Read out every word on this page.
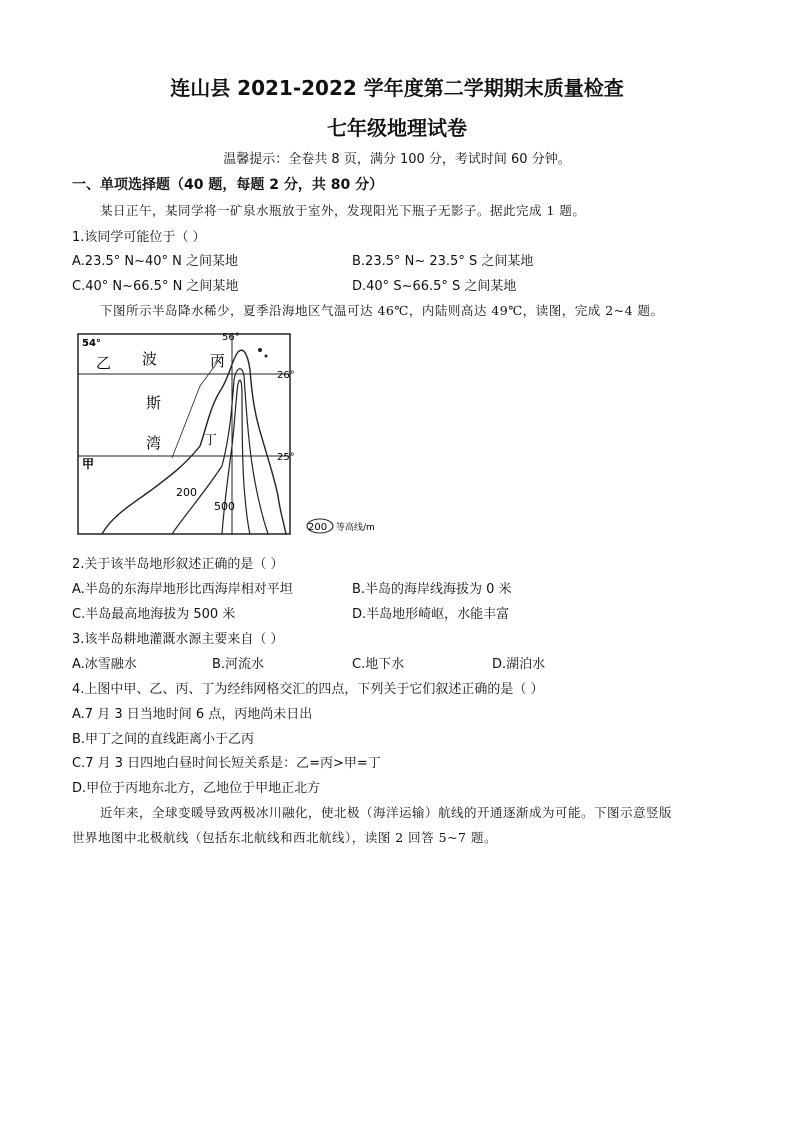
连山县 2021-2022 学年度第二学期期末质量检查
七年级地理试卷
温馨提示：全卷共 8 页，满分 100 分，考试时间 60 分钟。
一、单项选择题（40 题，每题 2 分，共 80 分）
某日正午，某同学将一矿泉水瓶放于室外，发现阳光下瓶子无影子。据此完成 1 题。
1.该同学可能位于（ ）
A.23.5° N~40° N 之间某地	B.23.5° N~ 23.5° S 之间某地
C.40° N~66.5° N 之间某地	D.40° S~66.5° S 之间某地
下图所示半岛降水稀少，夏季沿海地区气温可达 46℃，内陆则高达 49℃，读图，完成 2~4 题。
54°
56°
26°
25°
乙 波	丙
斯
湾	丁
甲
200
500
200 等高线/m
2.关于该半岛地形叙述正确的是（ ）
A.半岛的东海岸地形比西海岸相对平坦	B.半岛的海岸线海拔为 0 米
C.半岛最高地海拔为 500 米	D.半岛地形崎岖，水能丰富
3.该半岛耕地灌溉水源主要来自（ ）
A.冰雪融水	B.河流水	C.地下水	D.湖泊水
4.上图中甲、乙、丙、丁为经纬网格交汇的四点，下列关于它们叙述正确的是（ ）
A.7 月 3 日当地时间 6 点，丙地尚未日出
B.甲丁之间的直线距离小于乙丙
C.7 月 3 日四地白昼时间长短关系是：乙=丙>甲=丁
D.甲位于丙地东北方，乙地位于甲地正北方
近年来，全球变暖导致两极冰川融化，使北极（海洋运输）航线的开通逐渐成为可能。下图示意竖版
世界地图中北极航线（包括东北航线和西北航线），读图 2 回答 5~7 题。
